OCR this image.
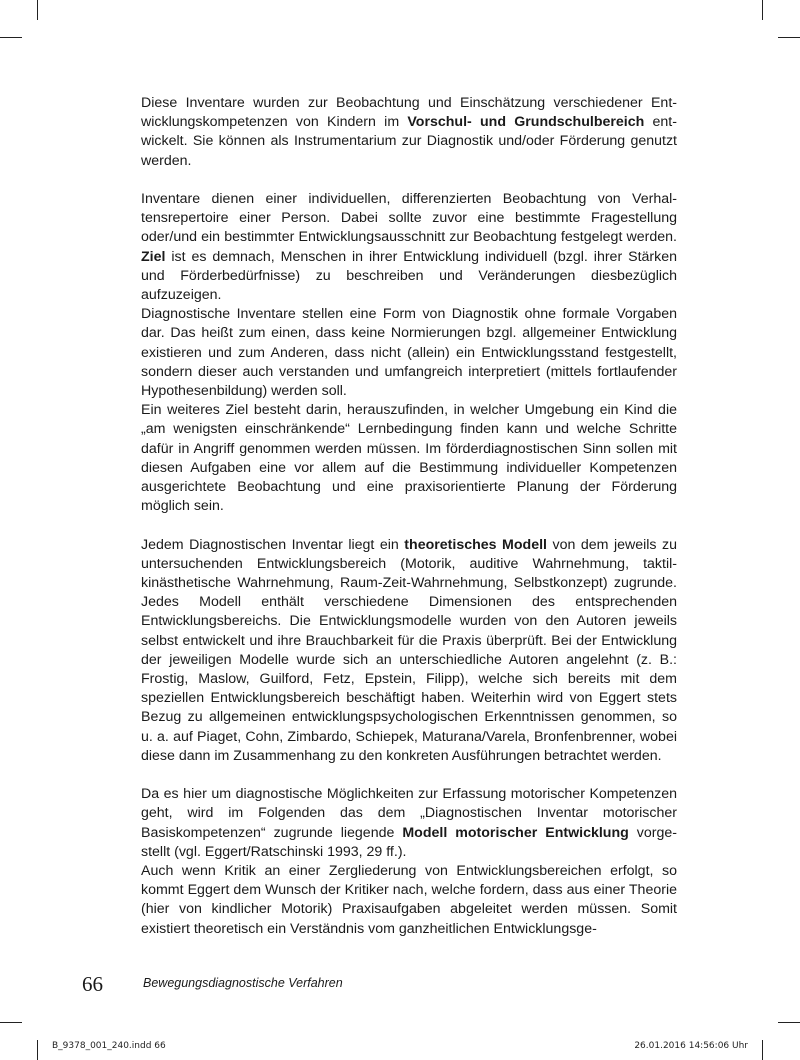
Diese Inventare wurden zur Beobachtung und Einschätzung verschiedener Entwicklungskompetenzen von Kindern im Vorschul- und Grundschulbereich entwickelt. Sie können als Instrumentarium zur Diagnostik und/oder Förderung genutzt werden.

Inventare dienen einer individuellen, differenzierten Beobachtung von Verhaltensrepertoire einer Person. Dabei sollte zuvor eine bestimmte Fragestellung oder/und ein bestimmter Entwicklungsausschnitt zur Beobachtung festgelegt werden. Ziel ist es demnach, Menschen in ihrer Entwicklung individuell (bzgl. ihrer Stärken und Förderbedürfnisse) zu beschreiben und Veränderungen diesbezüglich aufzuzeigen.

Diagnostische Inventare stellen eine Form von Diagnostik ohne formale Vorgaben dar. Das heißt zum einen, dass keine Normierungen bzgl. allgemeiner Entwicklung existieren und zum Anderen, dass nicht (allein) ein Entwicklungsstand festgestellt, sondern dieser auch verstanden und umfangreich interpretiert (mittels fortlaufender Hypothesenbildung) werden soll.

Ein weiteres Ziel besteht darin, herauszufinden, in welcher Umgebung ein Kind die „am wenigsten einschränkende“ Lernbedingung finden kann und welche Schritte dafür in Angriff genommen werden müssen. Im förderdiagnostischen Sinn sollen mit diesen Aufgaben eine vor allem auf die Bestimmung individueller Kompetenzen ausgerichtete Beobachtung und eine praxisorientierte Planung der Förderung möglich sein.

Jedem Diagnostischen Inventar liegt ein theoretisches Modell von dem jeweils zu untersuchenden Entwicklungsbereich (Motorik, auditive Wahrnehmung, taktil-kinästhetische Wahrnehmung, Raum-Zeit-Wahrnehmung, Selbstkonzept) zugrunde. Jedes Modell enthält verschiedene Dimensionen des entsprechenden Entwicklungsbereichs. Die Entwicklungsmodelle wurden von den Autoren jeweils selbst entwickelt und ihre Brauchbarkeit für die Praxis überprüft. Bei der Entwicklung der jeweiligen Modelle wurde sich an unterschiedliche Autoren angelehnt (z. B.: Frostig, Maslow, Guilford, Fetz, Epstein, Filipp), welche sich bereits mit dem speziellen Entwicklungsbereich beschäftigt haben. Weiterhin wird von Eggert stets Bezug zu allgemeinen entwicklungspsychologischen Erkenntnissen genommen, so u. a. auf Piaget, Cohn, Zimbardo, Schiepek, Maturana/Varela, Bronfenbrenner, wobei diese dann im Zusammenhang zu den konkreten Ausführungen betrachtet werden.

Da es hier um diagnostische Möglichkeiten zur Erfassung motorischer Kompetenzen geht, wird im Folgenden das dem „Diagnostischen Inventar motorischer Basiskompetenzen“ zugrunde liegende Modell motorischer Entwicklung vorgestellt (vgl. Eggert/Ratschinski 1993, 29 ff.).

Auch wenn Kritik an einer Zergliederung von Entwicklungsbereichen erfolgt, so kommt Eggert dem Wunsch der Kritiker nach, welche fordern, dass aus einer Theorie (hier von kindlicher Motorik) Praxisaufgaben abgeleitet werden müssen. Somit existiert theoretisch ein Verständnis vom ganzheitlichen Entwicklungsge-

66	Bewegungsdiagnostische Verfahren
B_9378_001_240.indd 66	26.01.2016 14:56:06 Uhr
